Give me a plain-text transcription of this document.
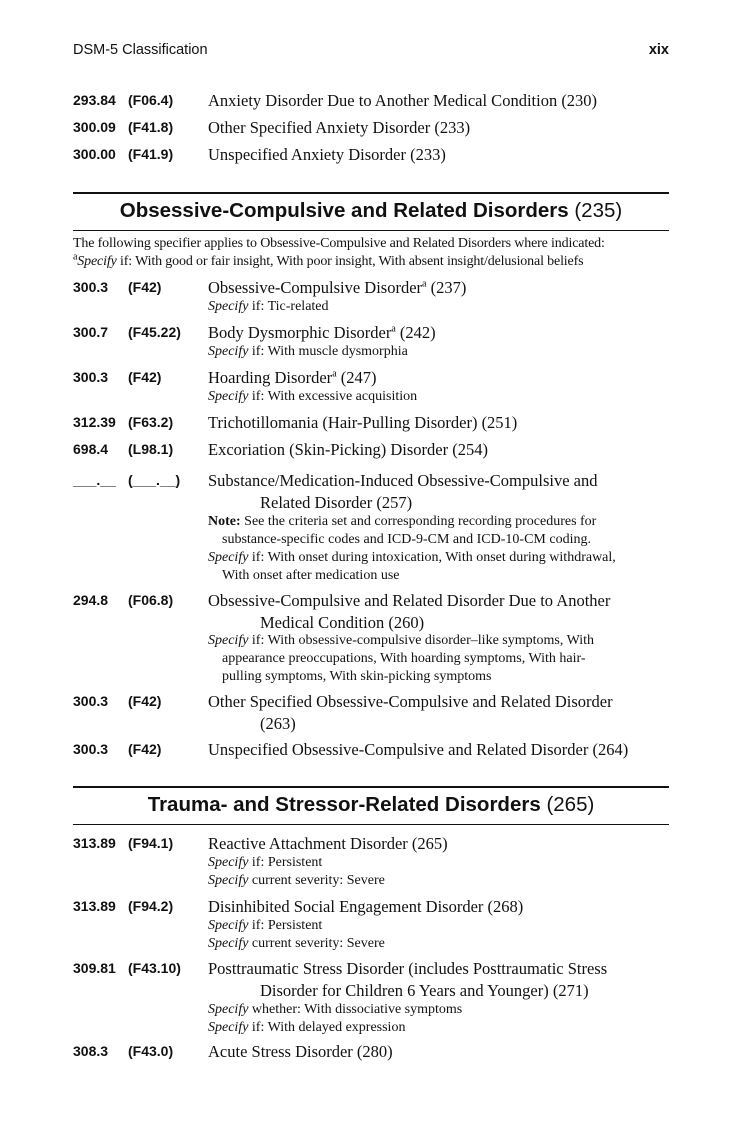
DSM-5 Classification	xix
293.84 (F06.4) Anxiety Disorder Due to Another Medical Condition (230)
300.09 (F41.8) Other Specified Anxiety Disorder (233)
300.00 (F41.9) Unspecified Anxiety Disorder (233)
Obsessive-Compulsive and Related Disorders (235)
The following specifier applies to Obsessive-Compulsive and Related Disorders where indicated:
$^a$Specify if: With good or fair insight, With poor insight, With absent insight/delusional beliefs
300.3 (F42)	Obsessive-Compulsive Disorder$^a$ (237)
Specify if: Tic-related
300.7 (F45.22) Body Dysmorphic Disorder$^a$ (242)
Specify if: With muscle dysmorphia
300.3 (F42)	Hoarding Disorder$^a$ (247)
Specify if: With excessive acquisition
312.39 (F63.2) Trichotillomania (Hair-Pulling Disorder) (251)
698.4 (L98.1) Excoriation (Skin-Picking) Disorder (254)
___.__ (___.__) Substance/Medication-Induced Obsessive-Compulsive and
Related Disorder (257)
Note: See the criteria set and corresponding recording procedures for
substance-specific codes and ICD-9-CM and ICD-10-CM coding.
Specify if: With onset during intoxication, With onset during withdrawal,
With onset after medication use
294.8 (F06.8) Obsessive-Compulsive and Related Disorder Due to Another
Medical Condition (260)
Specify if: With obsessive-compulsive disorder–like symptoms, With
appearance preoccupations, With hoarding symptoms, With hair-
pulling symptoms, With skin-picking symptoms
300.3 (F42)	Other Specified Obsessive-Compulsive and Related Disorder
(263)
300.3 (F42)	Unspecified Obsessive-Compulsive and Related Disorder (264)
Trauma- and Stressor-Related Disorders (265)
313.89 (F94.1) Reactive Attachment Disorder (265)
Specify if: Persistent
Specify current severity: Severe
313.89 (F94.2) Disinhibited Social Engagement Disorder (268)
Specify if: Persistent
Specify current severity: Severe
309.81 (F43.10) Posttraumatic Stress Disorder (includes Posttraumatic Stress
Disorder for Children 6 Years and Younger) (271)
Specify whether: With dissociative symptoms
Specify if: With delayed expression
308.3 (F43.0) Acute Stress Disorder (280)
